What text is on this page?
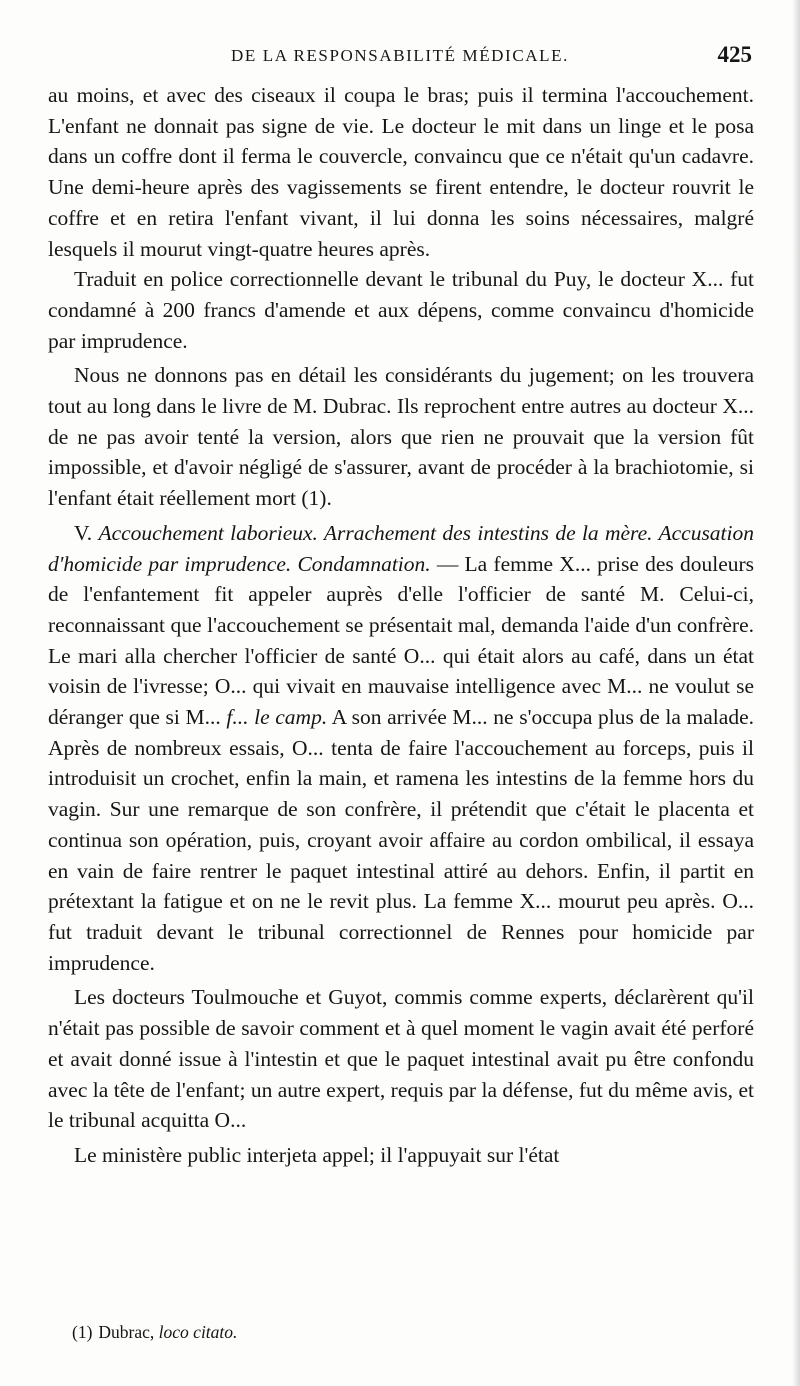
DE LA RESPONSABILITÉ MÉDICALE.	425

au moins, et avec des ciseaux il coupa le bras; puis il termina l'accouchement. L'enfant ne donnait pas signe de vie. Le docteur le mit dans un linge et le posa dans un coffre dont il ferma le couvercle, convaincu que ce n'était qu'un cadavre. Une demi-heure après des vagissements se firent entendre, le docteur rouvrit le coffre et en retira l'enfant vivant, il lui donna les soins nécessaires, malgré lesquels il mourut vingt-quatre heures après.

Traduit en police correctionnelle devant le tribunal du Puy, le docteur X... fut condamné à 200 francs d'amende et aux dépens, comme convaincu d'homicide par imprudence.

Nous ne donnons pas en détail les considérants du jugement; on les trouvera tout au long dans le livre de M. Dubrac. Ils reprochent entre autres au docteur X... de ne pas avoir tenté la version, alors que rien ne prouvait que la version fût impossible, et d'avoir négligé de s'assurer, avant de procéder à la brachiotomie, si l'enfant était réellement mort (1).

V. Accouchement laborieux. Arrachement des intestins de la mère. Accusation d'homicide par imprudence. Condamnation. — La femme X... prise des douleurs de l'enfantement fit appeler auprès d'elle l'officier de santé M. Celui-ci, reconnaissant que l'accouchement se présentait mal, demanda l'aide d'un confrère. Le mari alla chercher l'officier de santé O... qui était alors au café, dans un état voisin de l'ivresse; O... qui vivait en mauvaise intelligence avec M... ne voulut se déranger que si M... f... le camp. A son arrivée M... ne s'occupa plus de la malade. Après de nombreux essais, O... tenta de faire l'accouchement au forceps, puis il introduisit un crochet, enfin la main, et ramena les intestins de la femme hors du vagin. Sur une remarque de son confrère, il prétendit que c'était le placenta et continua son opération, puis, croyant avoir affaire au cordon ombilical, il essaya en vain de faire rentrer le paquet intestinal attiré au dehors. Enfin, il partit en prétextant la fatigue et on ne le revit plus. La femme X... mourut peu après. O... fut traduit devant le tribunal correctionnel de Rennes pour homicide par imprudence.

Les docteurs Toulmouche et Guyot, commis comme experts, déclarèrent qu'il n'était pas possible de savoir comment et à quel moment le vagin avait été perforé et avait donné issue à l'intestin et que le paquet intestinal avait pu être confondu avec la tête de l'enfant; un autre expert, requis par la défense, fut du même avis, et le tribunal acquitta O...

Le ministère public interjeta appel; il l'appuyait sur l'état

(1) Dubrac, loco citato.
